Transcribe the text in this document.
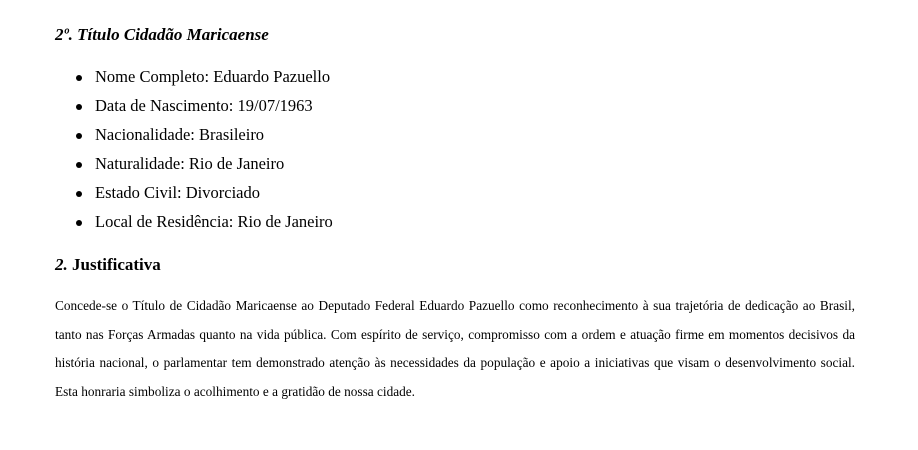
2º. Título Cidadão Maricaense
Nome Completo: Eduardo Pazuello
Data de Nascimento: 19/07/1963
Nacionalidade: Brasileiro
Naturalidade: Rio de Janeiro
Estado Civil: Divorciado
Local de Residência: Rio de Janeiro
2. Justificativa

Concede-se o Título de Cidadão Maricaense ao Deputado Federal Eduardo Pazuello como reconhecimento à sua trajetória de dedicação ao Brasil, tanto nas Forças Armadas quanto na vida pública. Com espírito de serviço, compromisso com a ordem e atuação firme em momentos decisivos da história nacional, o parlamentar tem demonstrado atenção às necessidades da população e apoio a iniciativas que visam o desenvolvimento social. Esta honraria simboliza o acolhimento e a gratidão de nossa cidade.
